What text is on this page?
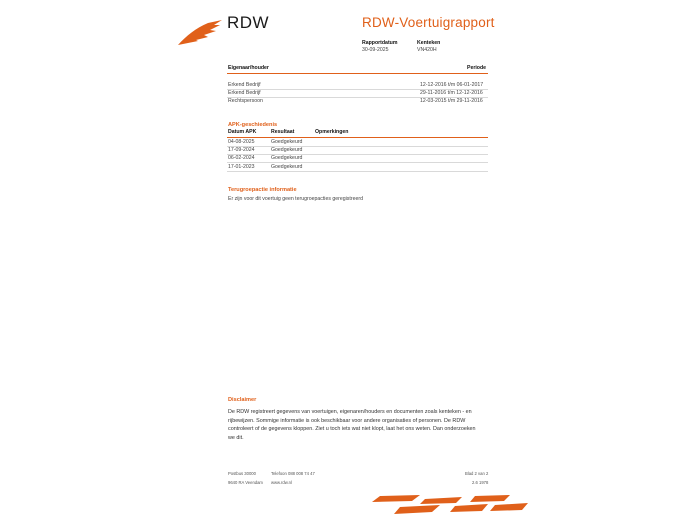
RDW	RDW-Voertuigrapport
Rapportdatum
30-09-2025
Kenteken
VN420H
Eigenaar/houder	Periode
Erkend Bedrijf	12-12-2016 t/m 06-01-2017
Erkend Bedrijf	29-11-2016 t/m 12-12-2016
Rechtspersoon	12-03-2015 t/m 29-11-2016
APK-geschiedenis
Datum APK	Resultaat	Opmerkingen
04-08-2025	Goedgekeurd
17-09-2024	Goedgekeurd
06-02-2024	Goedgekeurd
17-01-2023	Goedgekeurd
Terugroepactie informatie
Er zijn voor dit voertuig geen terugroepacties geregistreerd
Disclaimer
De RDW registreert gegevens van voertuigen, eigenaren/houders en documenten zoals kenteken - en
rijbewijzen. Sommige informatie is ook beschikbaar voor andere organisaties of personen. De RDW
controleert of de gegevens kloppen. Ziet u toch iets wat niet klopt, laat het ons weten. Dan onderzoeken
we dit.
Postbus 30000
9640 RA Veendam
Telefoon 088 008 74 47
www.rdw.nl
Blad 2 van 2
2.6 1978
